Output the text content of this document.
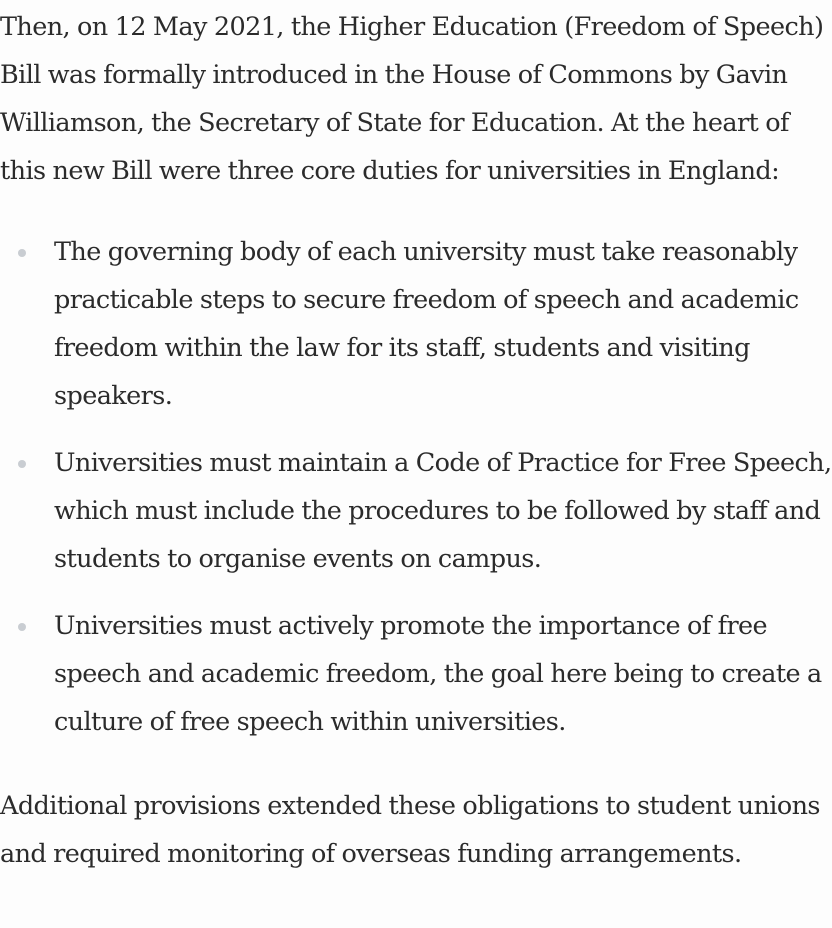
Then, on 12 May 2021, the Higher Education (Freedom of Speech) Bill was formally introduced in the House of Commons by Gavin Williamson, the Secretary of State for Education. At the heart of this new Bill were three core duties for universities in England:

The governing body of each university must take reasonably practicable steps to secure freedom of speech and academic freedom within the law for its staff, students and visiting speakers.
Universities must maintain a Code of Practice for Free Speech, which must include the procedures to be followed by staff and students to organise events on campus.
Universities must actively promote the importance of free speech and academic freedom, the goal here being to create a culture of free speech within universities.

Additional provisions extended these obligations to student unions and required monitoring of overseas funding arrangements.
